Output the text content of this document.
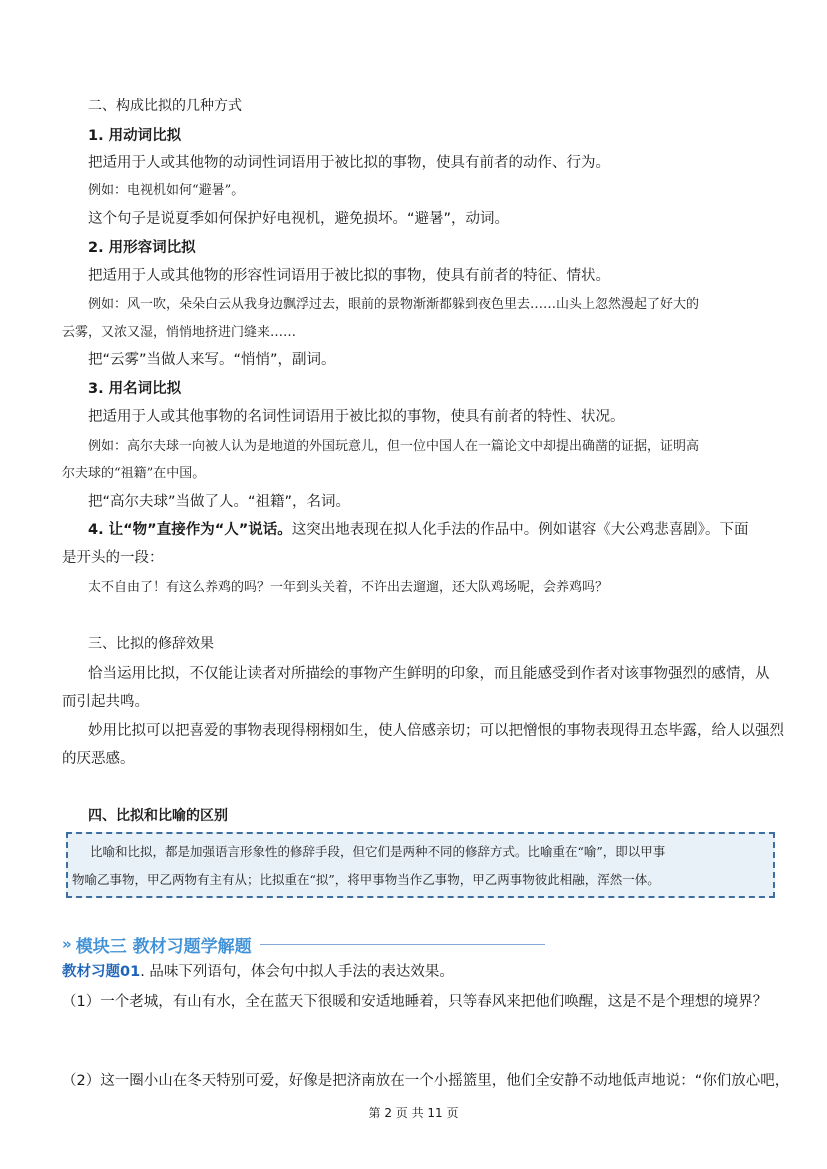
二、构成比拟的几种方式
1. 用动词比拟
把适用于人或其他物的动词性词语用于被比拟的事物，使具有前者的动作、行为。
例如：电视机如何“避暑”。
这个句子是说夏季如何保护好电视机，避免损坏。“避暑”，动词。
2. 用形容词比拟
把适用于人或其他物的形容性词语用于被比拟的事物，使具有前者的特征、情状。
例如：风一吹，朵朵白云从我身边飘浮过去，眼前的景物渐渐都躲到夜色里去……山头上忽然漫起了好大的
云雾，又浓又湿，悄悄地挤进门缝来……
把“云雾”当做人来写。“悄悄”，副词。
3. 用名词比拟
把适用于人或其他事物的名词性词语用于被比拟的事物，使具有前者的特性、状况。
例如：高尔夫球一向被人认为是地道的外国玩意儿，但一位中国人在一篇论文中却提出确凿的证据，证明高
尔夫球的“祖籍”在中国。
把“高尔夫球”当做了人。“祖籍”，名词。
4. 让“物”直接作为“人”说话。这突出地表现在拟人化手法的作品中。例如谌容《大公鸡悲喜剧》。下面
是开头的一段：
太不自由了！有这么养鸡的吗？一年到头关着，不许出去遛遛，还大队鸡场呢，会养鸡吗？
三、比拟的修辞效果
恰当运用比拟，不仅能让读者对所描绘的事物产生鲜明的印象，而且能感受到作者对该事物强烈的感情，从
而引起共鸣。
妙用比拟可以把喜爱的事物表现得栩栩如生，使人倍感亲切；可以把憎恨的事物表现得丑态毕露，给人以强烈
的厌恶感。
四、比拟和比喻的区别
比喻和比拟，都是加强语言形象性的修辞手段，但它们是两种不同的修辞方式。比喻重在“喻”，即以甲事
物喻乙事物，甲乙两物有主有从；比拟重在“拟”，将甲事物当作乙事物，甲乙两事物彼此相融，浑然一体。
» 模块三 教材习题学解题
教材习题01. 品味下列语句，体会句中拟人手法的表达效果。
（1）一个老城，有山有水，全在蓝天下很暖和安适地睡着，只等春风来把他们唤醒，这是不是个理想的境界？
（2）这一圈小山在冬天特别可爱，好像是把济南放在一个小摇篮里，他们全安静不动地低声地说：“你们放心吧，
第 2 页 共 11 页
